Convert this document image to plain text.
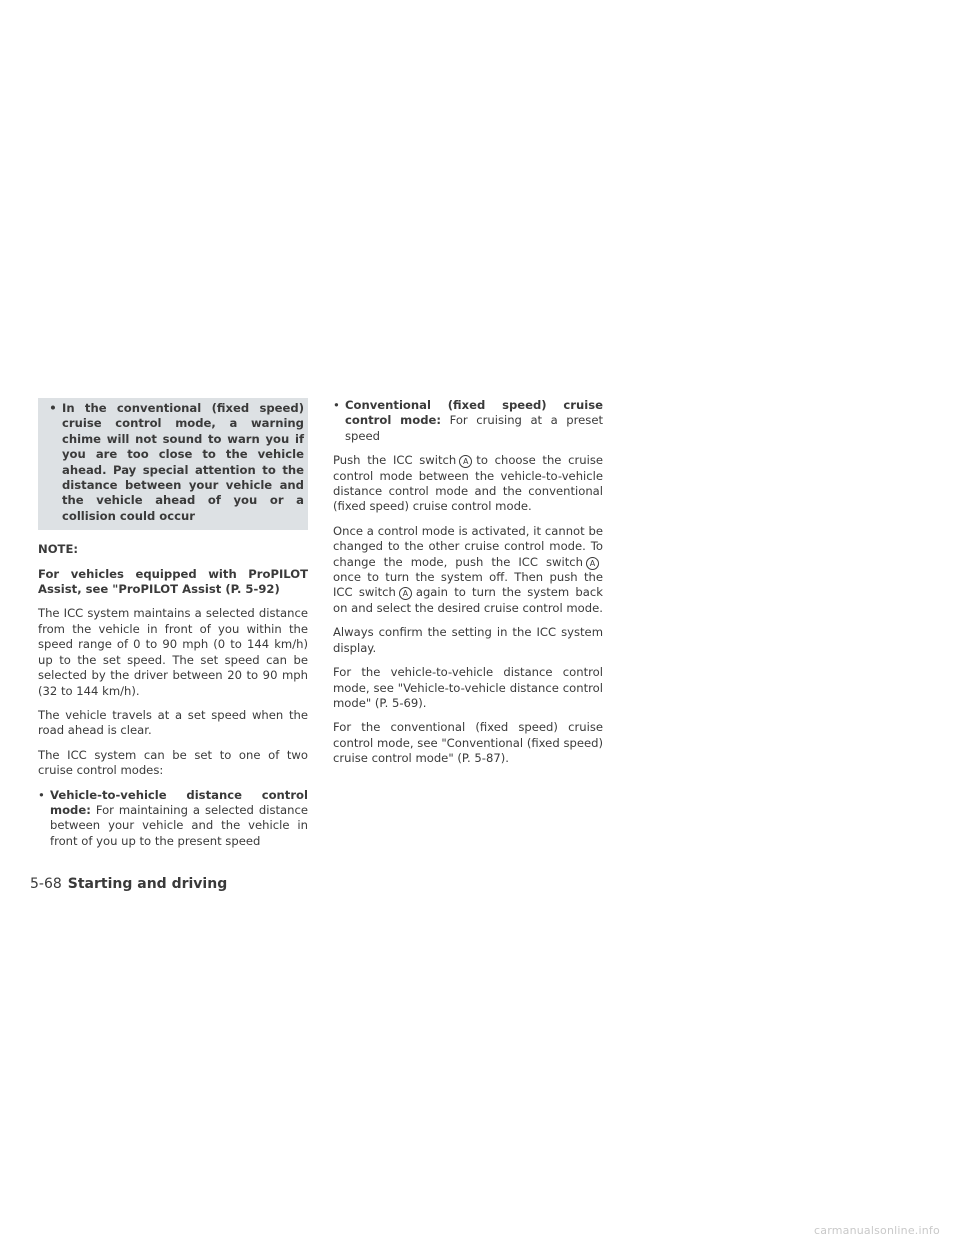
• In the conventional (fixed speed) cruise control mode, a warning chime will not sound to warn you if you are too close to the vehicle ahead. Pay special attention to the distance between your vehicle and the vehicle ahead of you or a collision could occur

NOTE:

For vehicles equipped with ProPILOT Assist, see "ProPILOT Assist (P. 5-92)

The ICC system maintains a selected distance from the vehicle in front of you within the speed range of 0 to 90 mph (0 to 144 km/h) up to the set speed. The set speed can be selected by the driver between 20 to 90 mph (32 to 144 km/h).

The vehicle travels at a set speed when the road ahead is clear.

The ICC system can be set to one of two cruise control modes:

• Vehicle-to-vehicle distance control mode: For maintaining a selected distance between your vehicle and the vehicle in front of you up to the present speed
• Conventional (fixed speed) cruise control mode: For cruising at a preset speed

Push the ICC switch A to choose the cruise control mode between the vehicle-to-vehicle distance control mode and the conventional (fixed speed) cruise control mode.

Once a control mode is activated, it cannot be changed to the other cruise control mode. To change the mode, push the ICC switch Aonce to turn the system off. Then push the ICC switch A again to turn the system back on and select the desired cruise control mode.

Always confirm the setting in the ICC system display.

For the vehicle-to-vehicle distance control mode, see "Vehicle-to-vehicle distance control mode" (P. 5-69).

For the conventional (fixed speed) cruise control mode, see "Conventional (fixed speed) cruise control mode" (P. 5-87).

5-68 Starting and driving
carmanualsonline.info
